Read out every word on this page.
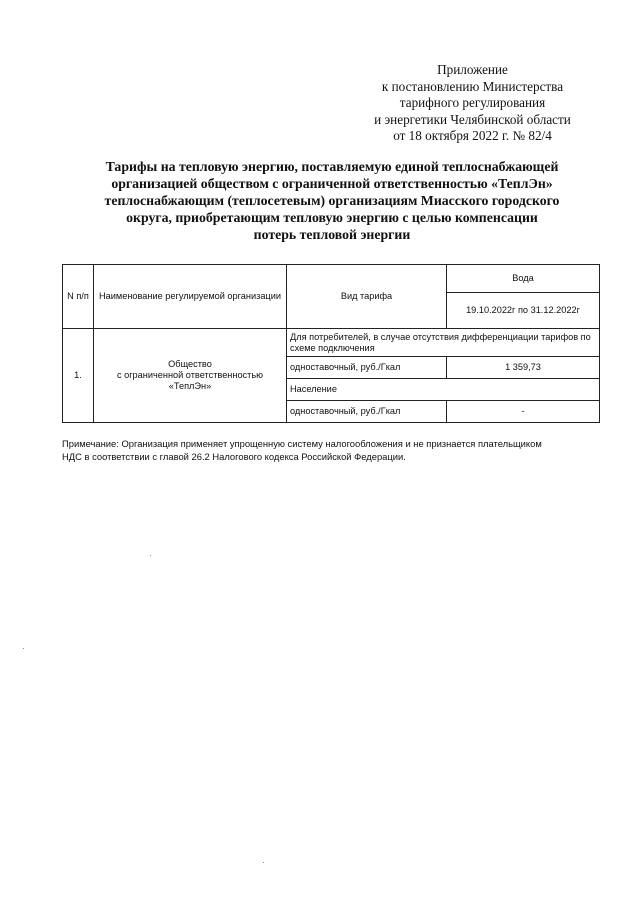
Приложение
к постановлению Министерства
тарифного регулирования
и энергетики Челябинской области
от 18 октября 2022 г. № 82/4
Тарифы на тепловую энергию, поставляемую единой теплоснабжающей
организацией обществом с ограниченной ответственностью «ТеплЭн»
теплоснабжающим (теплосетевым) организациям Миасского городского
округа, приобретающим тепловую энергию с целью компенсации
потерь тепловой энергии
N п/п	Наименование регулируемой организации	Вид тарифа	Вода
			19.10.2022г по 31.12.2022г
1.	Общество
с ограниченной ответственностью
«ТеплЭн»	Для потребителей, в случае отсутствия дифференциации тарифов по схеме подключения	
		одноставочный, руб./Гкал	1 359,73
		Население	
		одноставочный, руб./Гкал	-

Примечание: Организация применяет упрощенную систему налогообложения и не признается плательщиком

НДС в соответствии с главой 26.2 Налогового кодекса Российской Федерации.
